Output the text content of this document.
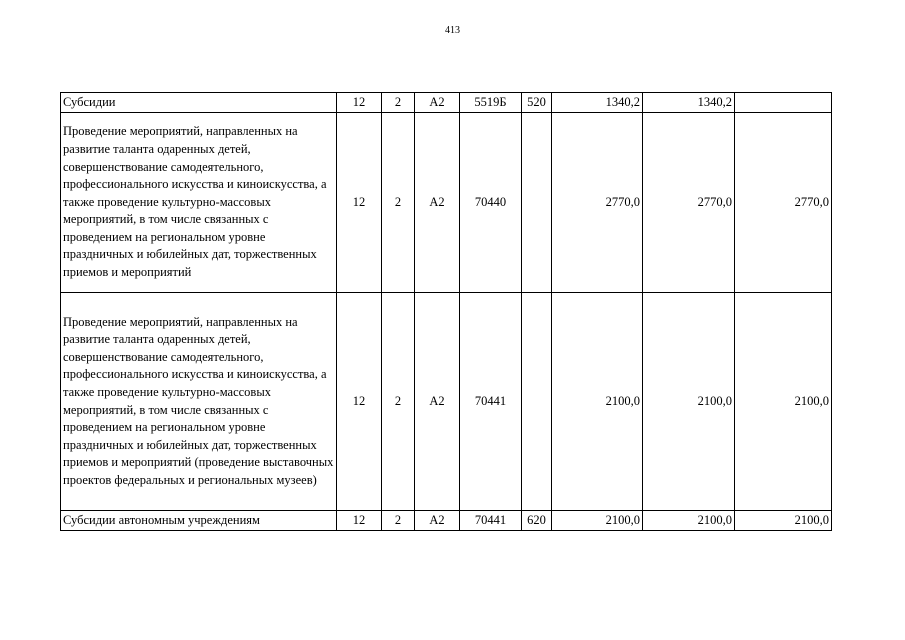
413
Субсидии	12	2	А2	5519Б	520	1340,2	1340,2	
Проведение мероприятий, направленных на развитие таланта одаренных детей, совершенствование самодеятельного, профессионального искусства и киноискусства, а также проведение культурно-массовых мероприятий, в том числе связанных с проведением на региональном уровне праздничных и юбилейных дат, торжественных приемов и мероприятий	12	2	А2	70440		2770,0	2770,0	2770,0
Проведение мероприятий, направленных на развитие таланта одаренных детей, совершенствование самодеятельного, профессионального искусства и киноискусства, а также проведение культурно-массовых мероприятий, в том числе связанных с проведением на региональном уровне праздничных и юбилейных дат, торжественных приемов и мероприятий (проведение выставочных проектов федеральных и региональных музеев)	12	2	А2	70441		2100,0	2100,0	2100,0
Субсидии автономным учреждениям	12	2	А2	70441	620	2100,0	2100,0	2100,0
